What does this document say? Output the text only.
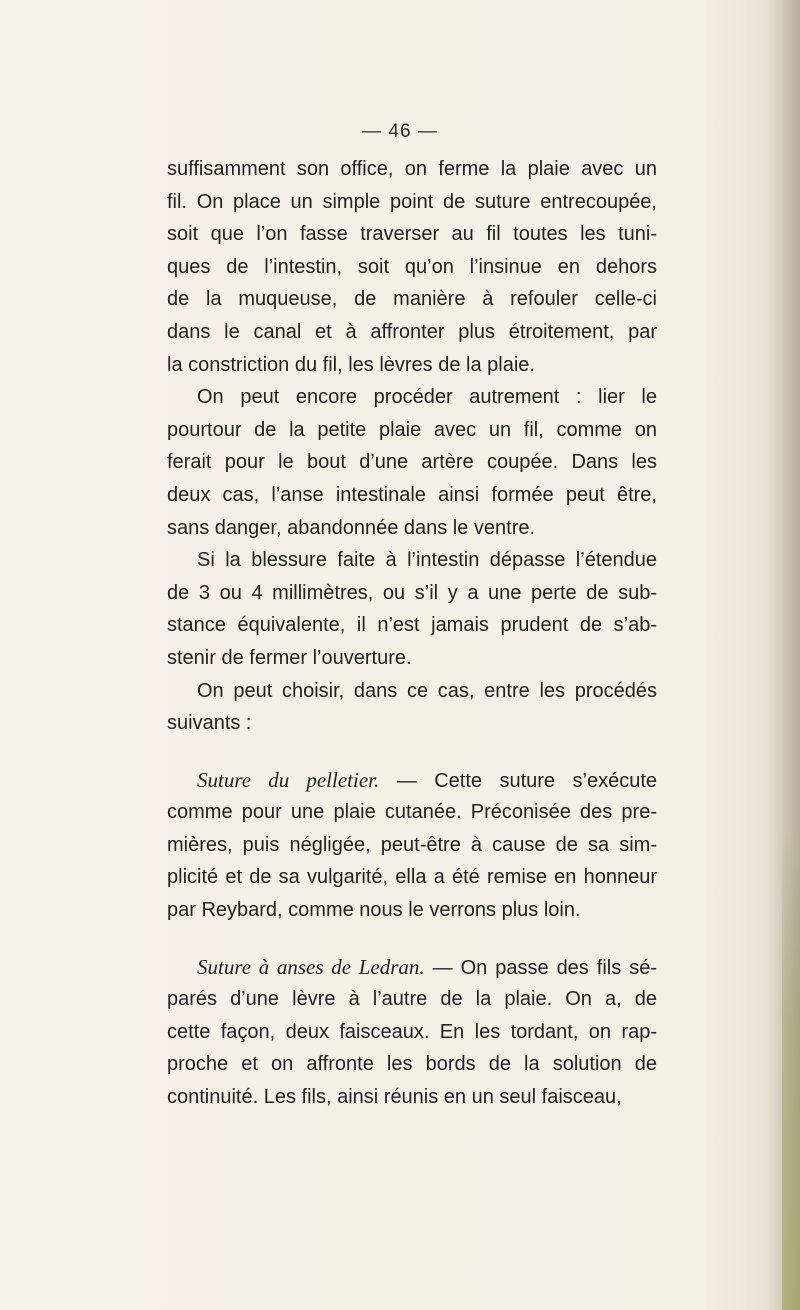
— 46 —
suffisamment son office, on ferme la plaie avec un
fil. On place un simple point de suture entrecoupée,
soit que l’on fasse traverser au fil toutes les tuni-
ques de l’intestin, soit qu’on l’insinue en dehors
de la muqueuse, de manière à refouler celle-ci
dans le canal et à affronter plus étroitement, par
la constriction du fil, les lèvres de la plaie.
On peut encore procéder autrement : lier le
pourtour de la petite plaie avec un fil, comme on
ferait pour le bout d’une artère coupée. Dans les
deux cas, l’anse intestinale ainsi formée peut être,
sans danger, abandonnée dans le ventre.
Si la blessure faite à l’intestin dépasse l’étendue
de 3 ou 4 millimètres, ou s’il y a une perte de sub-
stance équivalente, il n’est jamais prudent de s’ab-
stenir de fermer l’ouverture.
On peut choisir, dans ce cas, entre les procédés
suivants :
Suture du pelletier. — Cette suture s’exécute
comme pour une plaie cutanée. Préconisée des pre-
mières, puis négligée, peut-être à cause de sa sim-
plicité et de sa vulgarité, ella a été remise en honneur
par Reybard, comme nous le verrons plus loin.
Suture à anses de Ledran. — On passe des fils sé-
parés d’une lèvre à l’autre de la plaie. On a, de
cette façon, deux faisceaux. En les tordant, on rap-
proche et on affronte les bords de la solution de
continuité. Les fils, ainsi réunis en un seul faisceau,
